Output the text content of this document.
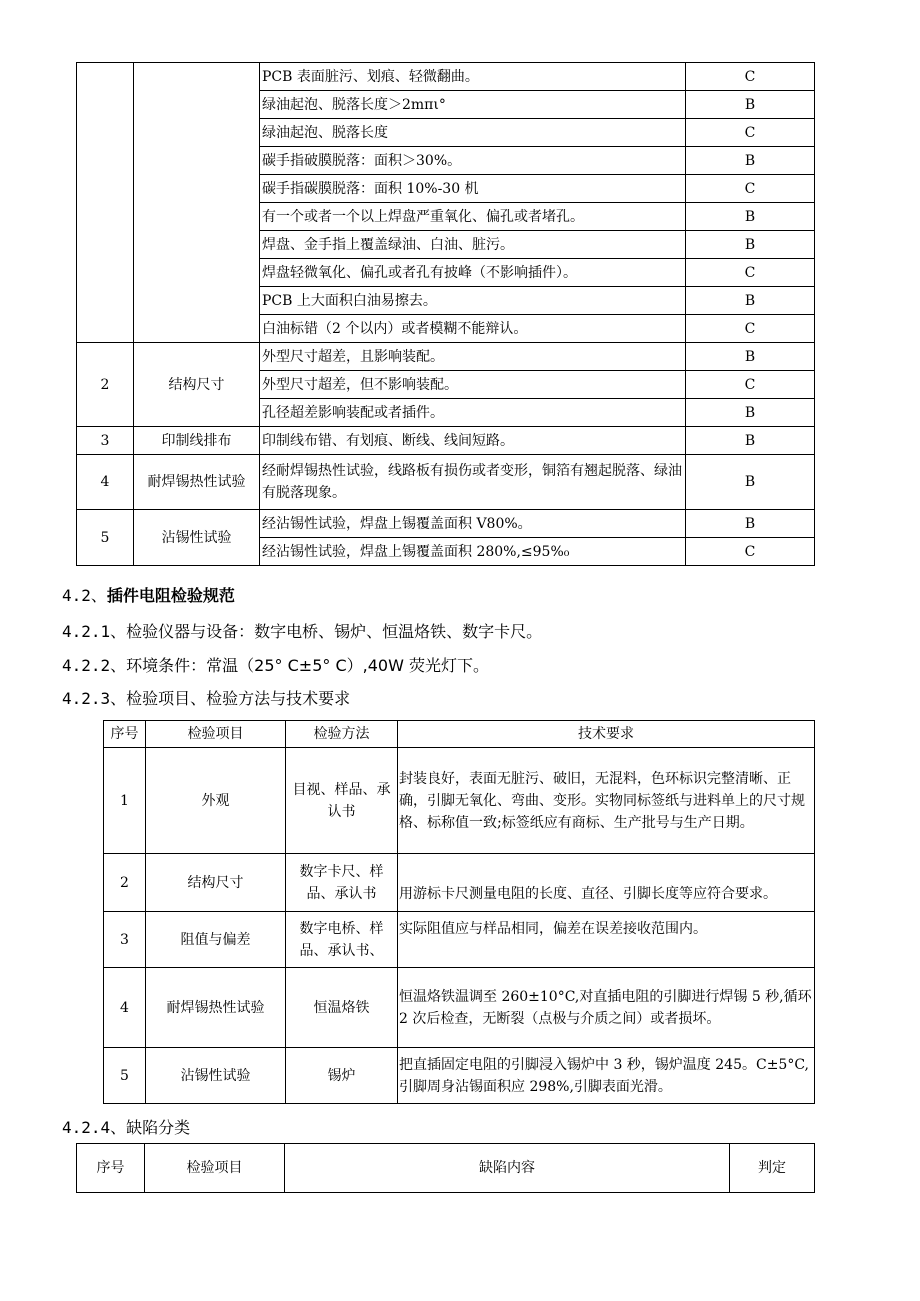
		PCB 表面脏污、划痕、轻微翻曲。	C
		绿油起泡、脱落长度＞2mπι°	B
		绿油起泡、脱落长度	C
		碳手指破膜脱落：面积＞30%。	B
		碳手指碳膜脱落：面积 10%-30 机	C
		有一个或者一个以上焊盘严重氧化、偏孔或者堵孔。	B
		焊盘、金手指上覆盖绿油、白油、脏污。	B
		焊盘轻微氧化、偏孔或者孔有披峰（不影响插件）。	C
		PCB 上大面积白油易擦去。	B
		白油标错（2 个以内）或者模糊不能辩认。	C
2	结构尺寸	外型尺寸超差，且影响装配。	B
		外型尺寸超差，但不影响装配。	C
		孔径超差影响装配或者插件。	B
3	印制线排布	印制线布错、有划痕、断线、线间短路。	B
4	耐焊锡热性试验	经耐焊锡热性试验，线路板有损伤或者变形，铜箔有翘起脱落、绿油有脱落现象。	B
5	沾锡性试验	经沾锡性试验，焊盘上锡覆盖面积 V80%。	B
		经沾锡性试验，焊盘上锡覆盖面积 280%,≤95%₀	C
4.2、插件电阻检验规范
4.2.1、检验仪器与设备：数字电桥、锡炉、恒温烙铁、数字卡尺。
4.2.2、环境条件：常温（25° C±5° C）,40W 荧光灯下。
4.2.3、检验项目、检验方法与技术要求
序号	检验项目	检验方法	技术要求
1	外观	目视、样品、承认书	封装良好，表面无脏污、破旧，无混料，色环标识完整清晰、正确，引脚无氧化、弯曲、变形。实物同标签纸与进料单上的尺寸规格、标称值一致;标签纸应有商标、生产批号与生产日期。
2	结构尺寸	数字卡尺、样品、承认书	用游标卡尺测量电阻的长度、直径、引脚长度等应符合要求。
3	阻值与偏差	数字电桥、样品、承认书、	实际阻值应与样品相同，偏差在误差接收范围内。
4	耐焊锡热性试验	恒温烙铁	恒温烙铁温调至 260±10°C,对直插电阻的引脚进行焊锡 5 秒,循环 2 次后检查，无断裂（点极与介质之间）或者损坏。
5	沾锡性试验	锡炉	把直插固定电阻的引脚浸入锡炉中 3 秒，锡炉温度 245。C±5°C,引脚周身沾锡面积应 298%,引脚表面光滑。
4.2.4、缺陷分类
序号	检验项目	缺陷内容	判定
